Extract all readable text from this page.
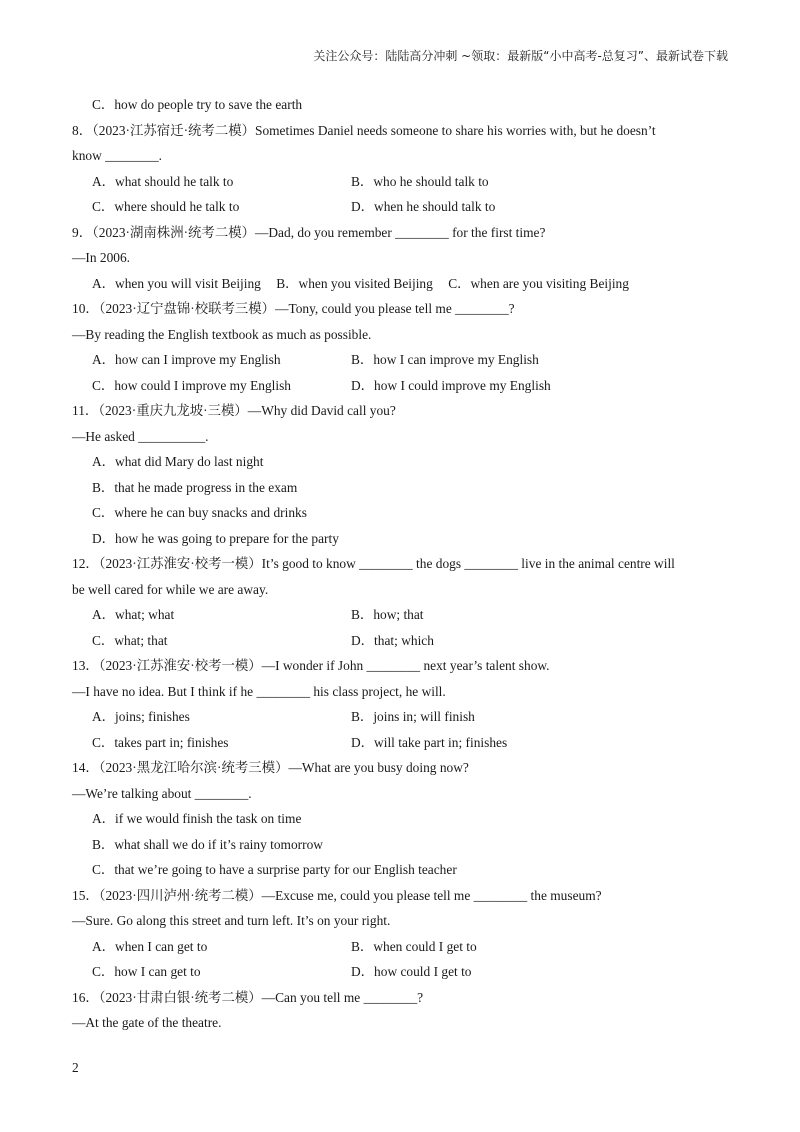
关注公众号：陆陆高分冲刺 ~领取：最新版“小中高考-总复习”、最新试卷下载
C．how do people try to save the earth
8．（2023·江苏宿迁·统考二模）Sometimes Daniel needs someone to share his worries with, but he doesn’t
know ________.
A．what should he talk to	B．who he should talk to
C．where should he talk to	D．when he should talk to
9．（2023·湖南株洲·统考二模）—Dad, do you remember ________ for the first time?
—In 2006.
A．when you will visit Beijing B．when you visited Beijing C．when are you visiting Beijing
10．（2023·辽宁盘锦·校联考三模）—Tony, could you please tell me ________?
—By reading the English textbook as much as possible.
A．how can I improve my English	B．how I can improve my English
C．how could I improve my English	D．how I could improve my English
11．（2023·重庆九龙坡·三模）—Why did David call you?
—He asked __________.
A．what did Mary do last night
B．that he made progress in the exam
C．where he can buy snacks and drinks
D．how he was going to prepare for the party
12．（2023·江苏淮安·校考一模）It’s good to know ________ the dogs ________ live in the animal centre will
be well cared for while we are away.
A．what; what	B．how; that
C．what; that	D．that; which
13．（2023·江苏淮安·校考一模）—I wonder if John ________ next year’s talent show.
—I have no idea. But I think if he ________ his class project, he will.
A．joins; finishes	B．joins in; will finish
C．takes part in; finishes	D．will take part in; finishes
14．（2023·黑龙江哈尔滨·统考三模）—What are you busy doing now?
—We’re talking about ________.
A．if we would finish the task on time
B．what shall we do if it’s rainy tomorrow
C．that we’re going to have a surprise party for our English teacher
15．（2023·四川泸州·统考二模）—Excuse me, could you please tell me ________ the museum?
—Sure. Go along this street and turn left. It’s on your right.
A．when I can get to	B．when could I get to
C．how I can get to	D．how could I get to
16．（2023·甘肃白银·统考二模）—Can you tell me ________?
—At the gate of the theatre.
2
